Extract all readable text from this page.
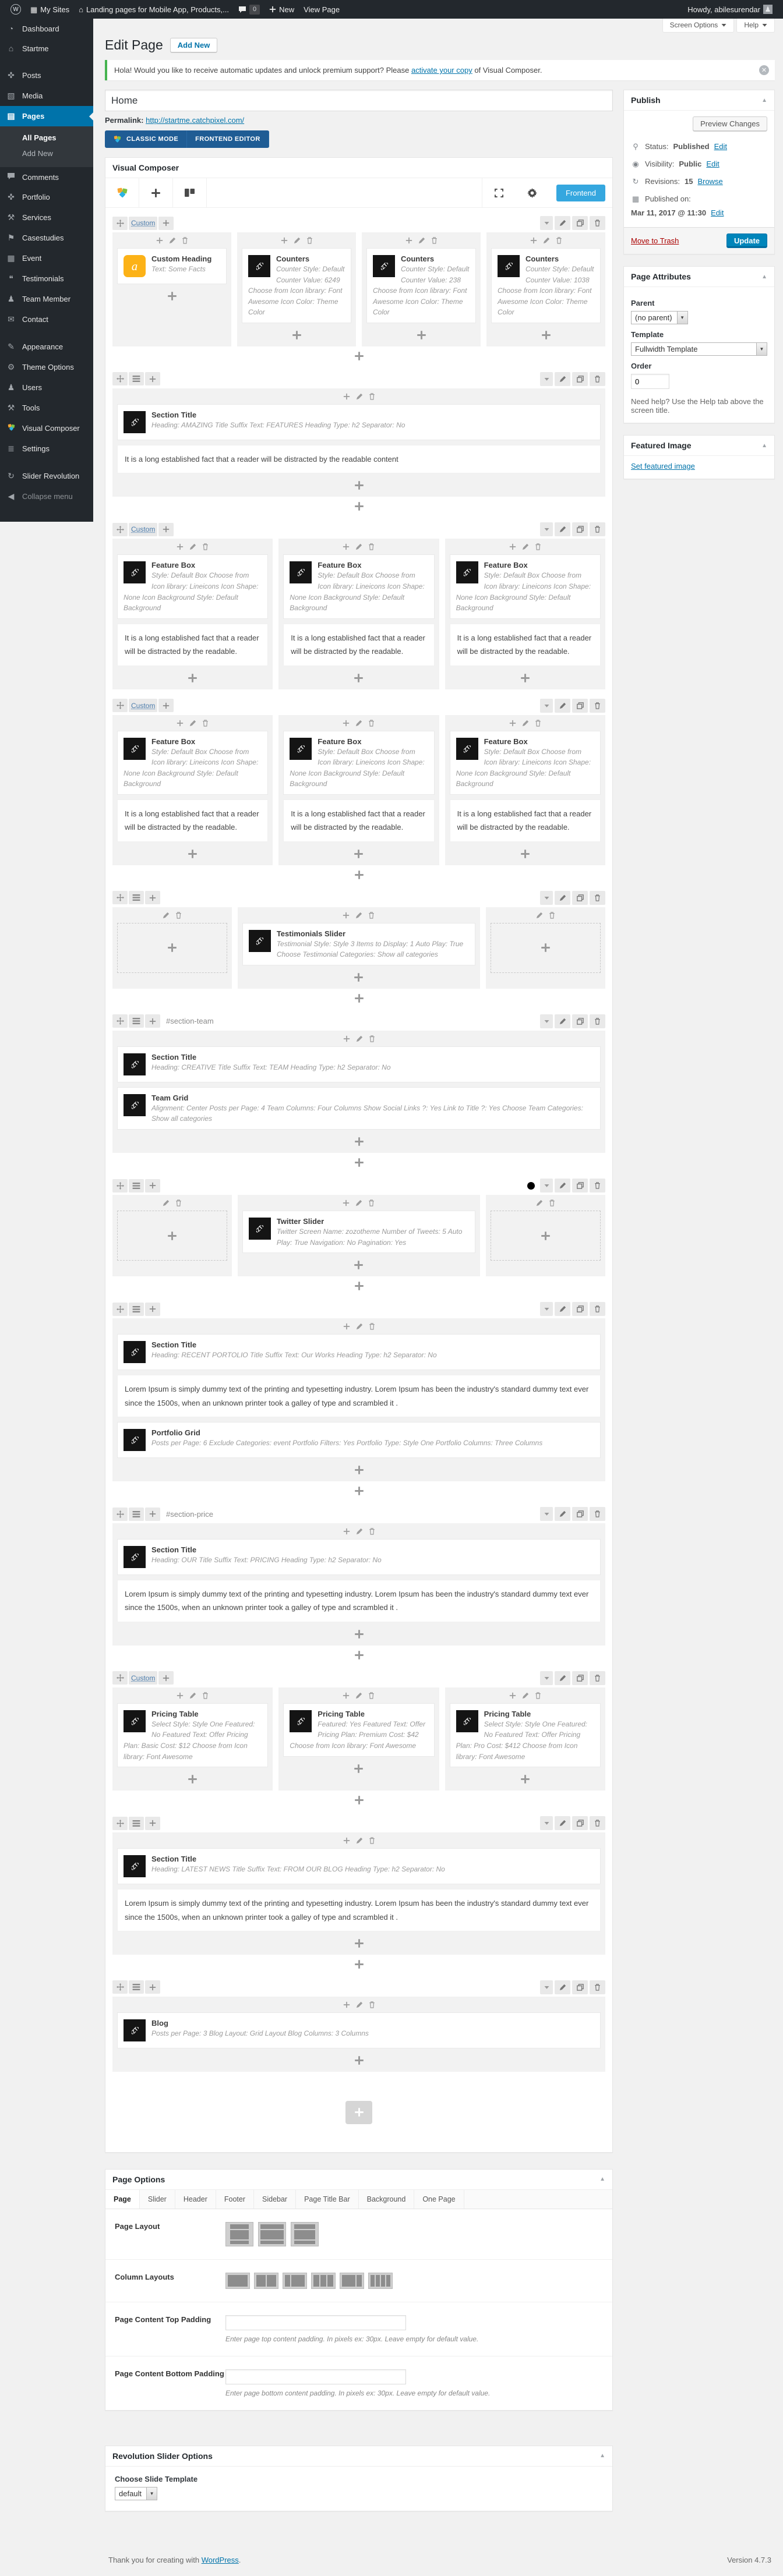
W	▦ My Sites ⌂ Landing pages for Mobile App, Products,...	0	New View Page	Howdy, abilesurendar ♟
◔	Dashboard
⌂	Startme
✜ Posts
▧ Media
▤ Pages
All Pages
Add New
Comments
✜ Portfolio
⚒ Services
⚑ Casestudies
▦ Event
❝	Testimonials
♟ Team Member
✉ Contact
✎ Appearance
⚙ Theme Options
♟ Users
⚒ Tools
Visual Composer
≣ Settings
↻ Slider Revolution
◀ Collapse menu
Screen Options	Help
Edit Page	Add New
Hola! Would you like to receive automatic updates and unlock premium support? Please activate your copy of Visual Composer.	✕
Home
Permalink: http://startme.catchpixel.com/
CLASSIC MODE	FRONTEND EDITOR
Visual Composer
Frontend
Custom
a	Custom Heading
Text: Some Facts	‹ZT›
Counters
Counter Style: Default Counter Value: 6249 Choose from Icon library: Font Awesome Icon Color: Theme Color
‹ZT›
Counters
Counter Style: Default Counter Value: 238 Choose from Icon library: Font Awesome Icon Color: Theme Color
‹ZT›
Counters
Counter Style: Default Counter Value: 1038 Choose from Icon library: Font Awesome Icon Color: Theme Color
‹ZT›
Section Title
Heading: AMAZING Title Suffix Text: FEATURES Heading Type: h2 Separator: No
It is a long established fact that a reader will be distracted by the readable content
Custom
‹ZT›
Feature Box
Style: Default Box Choose from Icon library: Lineicons Icon Shape: None Icon Background Style: Default Background
It is a long established fact that a reader will be distracted by the readable.
‹ZT›
Feature Box
Style: Default Box Choose from Icon library: Lineicons Icon Shape: None Icon Background Style: Default Background
It is a long established fact that a reader will be distracted by the readable.
‹ZT›
Feature Box
Style: Default Box Choose from Icon library: Lineicons Icon Shape: None Icon Background Style: Default Background
It is a long established fact that a reader will be distracted by the readable.
Custom
‹ZT›
Feature Box
Style: Default Box Choose from Icon library: Lineicons Icon Shape: None Icon Background Style: Default Background
It is a long established fact that a reader will be distracted by the readable.
‹ZT›
Feature Box
Style: Default Box Choose from Icon library: Lineicons Icon Shape: None Icon Background Style: Default Background
It is a long established fact that a reader will be distracted by the readable.
‹ZT›
Feature Box
Style: Default Box Choose from Icon library: Lineicons Icon Shape: None Icon Background Style: Default Background
It is a long established fact that a reader will be distracted by the readable.
‹ZT›
Testimonials Slider
Testimonial Style: Style 3 Items to Display: 1 Auto Play: True Choose Testimonial Categories: Show all categories
#section-team
‹ZT›
Section Title
Heading: CREATIVE Title Suffix Text: TEAM Heading Type: h2 Separator: No
‹ZT›
Team Grid
Alignment: Center Posts per Page: 4 Team Columns: Four Columns Show Social Links ?: Yes Link to Title ?: Yes Choose Team Categories: Show all categories
‹ZT›
Twitter Slider
Twitter Screen Name: zozotheme Number of Tweets: 5 Auto Play: True Navigation: No Pagination: Yes
‹ZT›
Section Title
Heading: RECENT PORTOLIO Title Suffix Text: Our Works Heading Type: h2 Separator: No
Lorem Ipsum is simply dummy text of the printing and typesetting industry. Lorem Ipsum has been the industry's standard dummy text ever since the 1500s, when an unknown printer took a galley of type and scrambled it .
‹ZT›
Portfolio Grid
Posts per Page: 6 Exclude Categories: event Portfolio Filters: Yes Portfolio Type: Style One Portfolio Columns: Three Columns
#section-price
‹ZT›
Section Title
Heading: OUR Title Suffix Text: PRICING Heading Type: h2 Separator: No
Lorem Ipsum is simply dummy text of the printing and typesetting industry. Lorem Ipsum has been the industry's standard dummy text ever since the 1500s, when an unknown printer took a galley of type and scrambled it .
Custom
‹ZT›
Pricing Table
Select Style: Style One Featured: No Featured Text: Offer Pricing Plan: Basic Cost: $12 Choose from Icon library: Font Awesome
‹ZT›
Pricing Table
Featured: Yes Featured Text: Offer Pricing Plan: Premium Cost: $42 Choose from Icon library: Font Awesome
‹ZT›
Pricing Table
Select Style: Style One Featured: No Featured Text: Offer Pricing Plan: Pro Cost: $412 Choose from Icon library: Font Awesome
‹ZT›
Section Title
Heading: LATEST NEWS Title Suffix Text: FROM OUR BLOG Heading Type: h2 Separator: No
Lorem Ipsum is simply dummy text of the printing and typesetting industry. Lorem Ipsum has been the industry's standard dummy text ever since the 1500s, when an unknown printer took a galley of type and scrambled it .
‹ZT›
Blog
Posts per Page: 3 Blog Layout: Grid Layout Blog Columns: 3 Columns
Page Options	▲
Page	Slider	Header	Footer	Sidebar	Page Title Bar	Background	One Page
Page Layout
Column Layouts
Page Content Top Padding
Enter page top content padding. In pixels ex: 30px. Leave empty for default value.
Page Content Bottom Padding
Enter page bottom content padding. In pixels ex: 30px. Leave empty for default value.
Revolution Slider Options	▲
Choose Slide Template
default	▼
Publish	▲
Preview Changes
⚲ Status: Published Edit
◉ Visibility: Public Edit
↻ Revisions: 15 Browse
▦ Published on:
Mar 11, 2017 @ 11:30 Edit
Move to Trash	Update
Page Attributes	▲
Parent
(no parent)	▼
Template
Fullwidth Template	▼
Order
0
Need help? Use the Help tab above the screen title.
Featured Image	▲
Set featured image
Thank you for creating with WordPress.	Version 4.7.3
